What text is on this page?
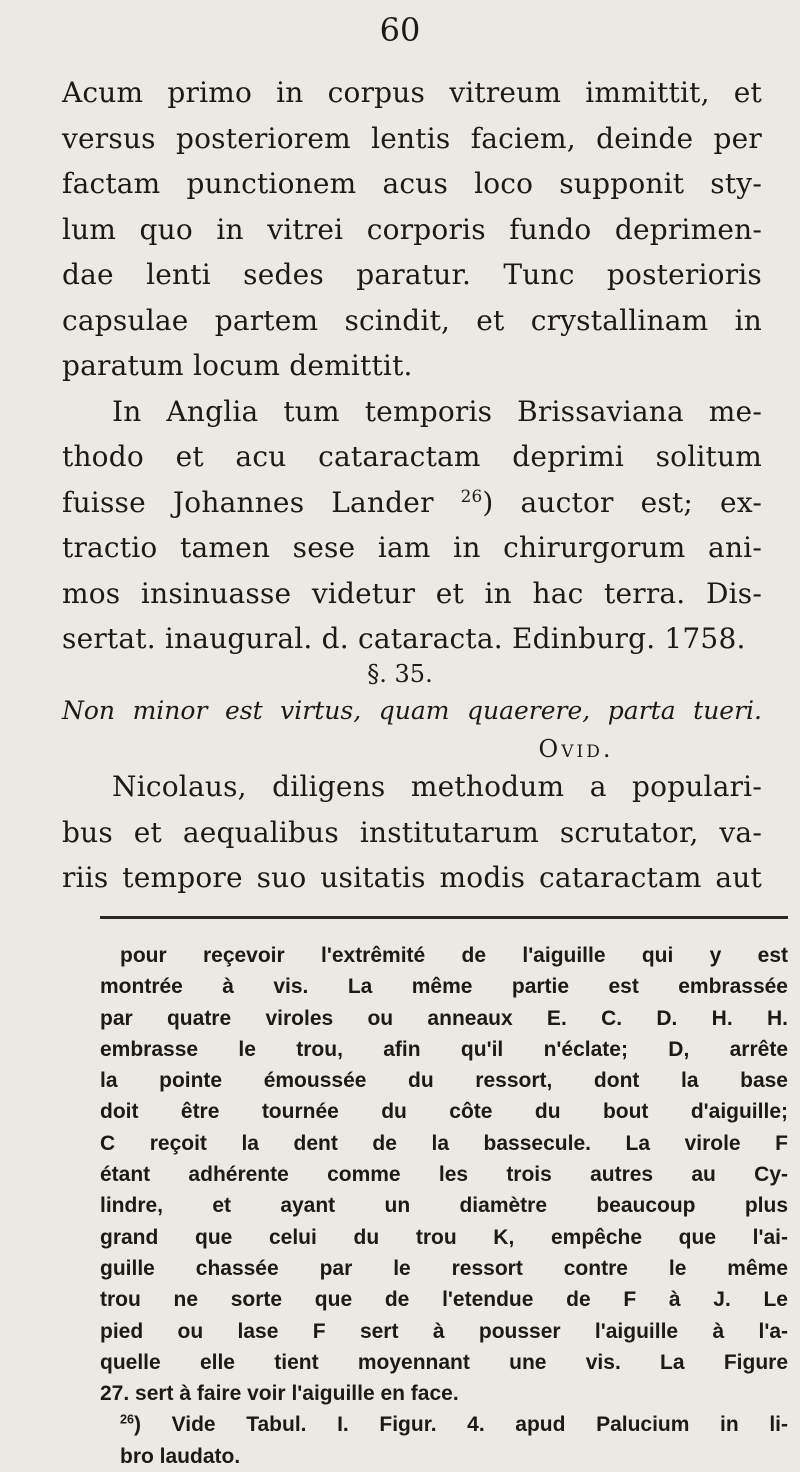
60
Acum primo in corpus vitreum immittit, et
versus posteriorem lentis faciem, deinde per
factam punctionem acus loco supponit sty-
lum quo in vitrei corporis fundo deprimen-
dae lenti sedes paratur. Tunc posterioris
capsulae partem scindit, et crystallinam in
paratum locum demittit.
In Anglia tum temporis Brissaviana me-
thodo et acu cataractam deprimi solitum
fuisse Johannes Lander $^{26}$) auctor est; ex-
tractio tamen sese iam in chirurgorum ani-
mos insinuasse videtur et in hac terra. Dis-
sertat. inaugural. d. cataracta. Edinburg. 1758.
§. 35.
Non minor est virtus, quam quaerere, parta tueri.
Ovid.
Nicolaus, diligens methodum a populari-
bus et aequalibus institutarum scrutator, va-
riis tempore suo usitatis modis cataractam aut
pour reçevoir l'extrêmité de l'aiguille qui y est
montrée à vis. La même partie est embrassée
par quatre viroles ou anneaux E. C. D. H. H.
embrasse le trou, afin qu'il n'éclate; D, arrête
la pointe émoussée du ressort, dont la base
doit être tournée du côte du bout d'aiguille;
C reçoit la dent de la bassecule. La virole F
étant adhérente comme les trois autres au Cy-
lindre, et ayant un diamètre beaucoup plus
grand que celui du trou K, empêche que l'ai-
guille chassée par le ressort contre le même
trou ne sorte que de l'etendue de F à J. Le
pied ou lase F sert à pousser l'aiguille à l'a-
quelle elle tient moyennant une vis. La Figure
27. sert à faire voir l'aiguille en face.
$^{26}$) Vide Tabul. I. Figur. 4. apud Palucium in li-
bro laudato.
